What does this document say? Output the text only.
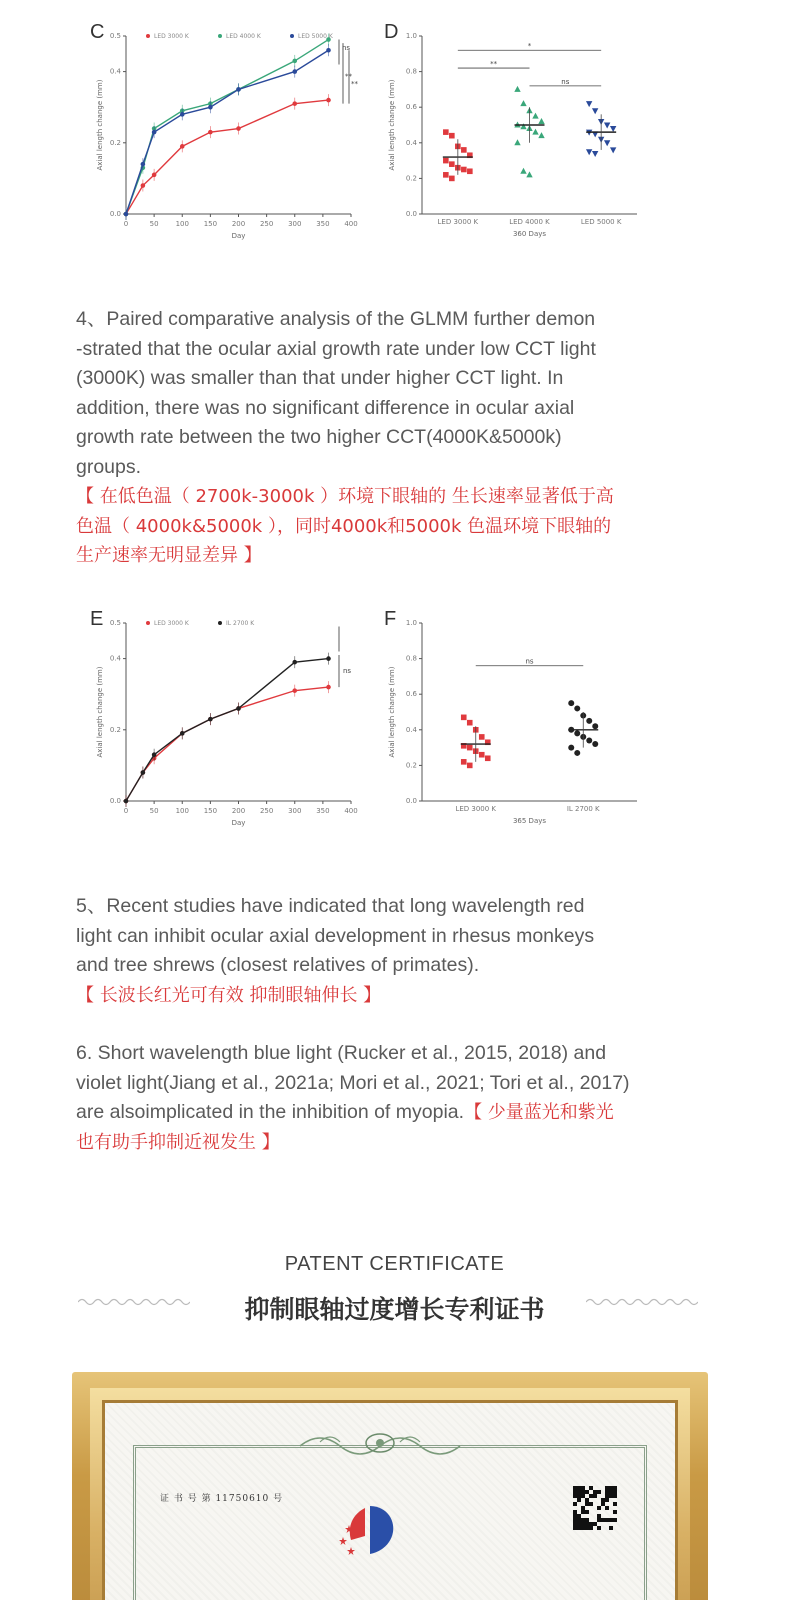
C
0	50 100 150 200 250 300 350 400
0.0
0.2
0.4
0.5
Day
Axial length change (mm)
LED 3000 K	LED 4000 K	LED 5000 K
ns
**
**
D
0.0
0.2
0.4
0.6
0.8
1.0
LED 3000 K	LED 4000 K	LED 5000 K
360 Days
Axial length change (mm)
*
**
ns
4、Paired comparative analysis of the GLMM further demon
-strated that the ocular axial growth rate under low CCT light
(3000K) was smaller than that under higher CCT light. In
addition, there was no significant difference in ocular axial
growth rate between the two higher CCT(4000K&5000k)
groups.
【 在低色温（ 2700k-3000k ）环境下眼轴的 生长速率显著低于高
色温（ 4000k&5000k ），同时4000k和5000k 色温环境下眼轴的
生产速率无明显差异 】
E
0	50 100 150 200 250 300 350 400
0.0
0.2
0.4
0.5
Day
Axial length change (mm)
LED 3000 K	IL 2700 K
ns
F
0.0
0.2
0.4
0.6
0.8
1.0
LED 3000 K	IL 2700 K
365 Days
Axial length change (mm)
ns
5、Recent studies have indicated that long wavelength red
light can inhibit ocular axial development in rhesus monkeys
and tree shrews (closest relatives of primates).
【 长波长红光可有效 抑制眼轴伸长 】
6. Short wavelength blue light (Rucker et al., 2015, 2018) and
violet light(Jiang et al., 2021a; Mori et al., 2021; Tori et al., 2017)
are alsoimplicated in the inhibition of myopia.【 少量蓝光和紫光
也有助手抑制近视发生 】
PATENT CERTIFICATE
抑制眼轴过度增长专利证书
证 书 号 第 11750610 号
